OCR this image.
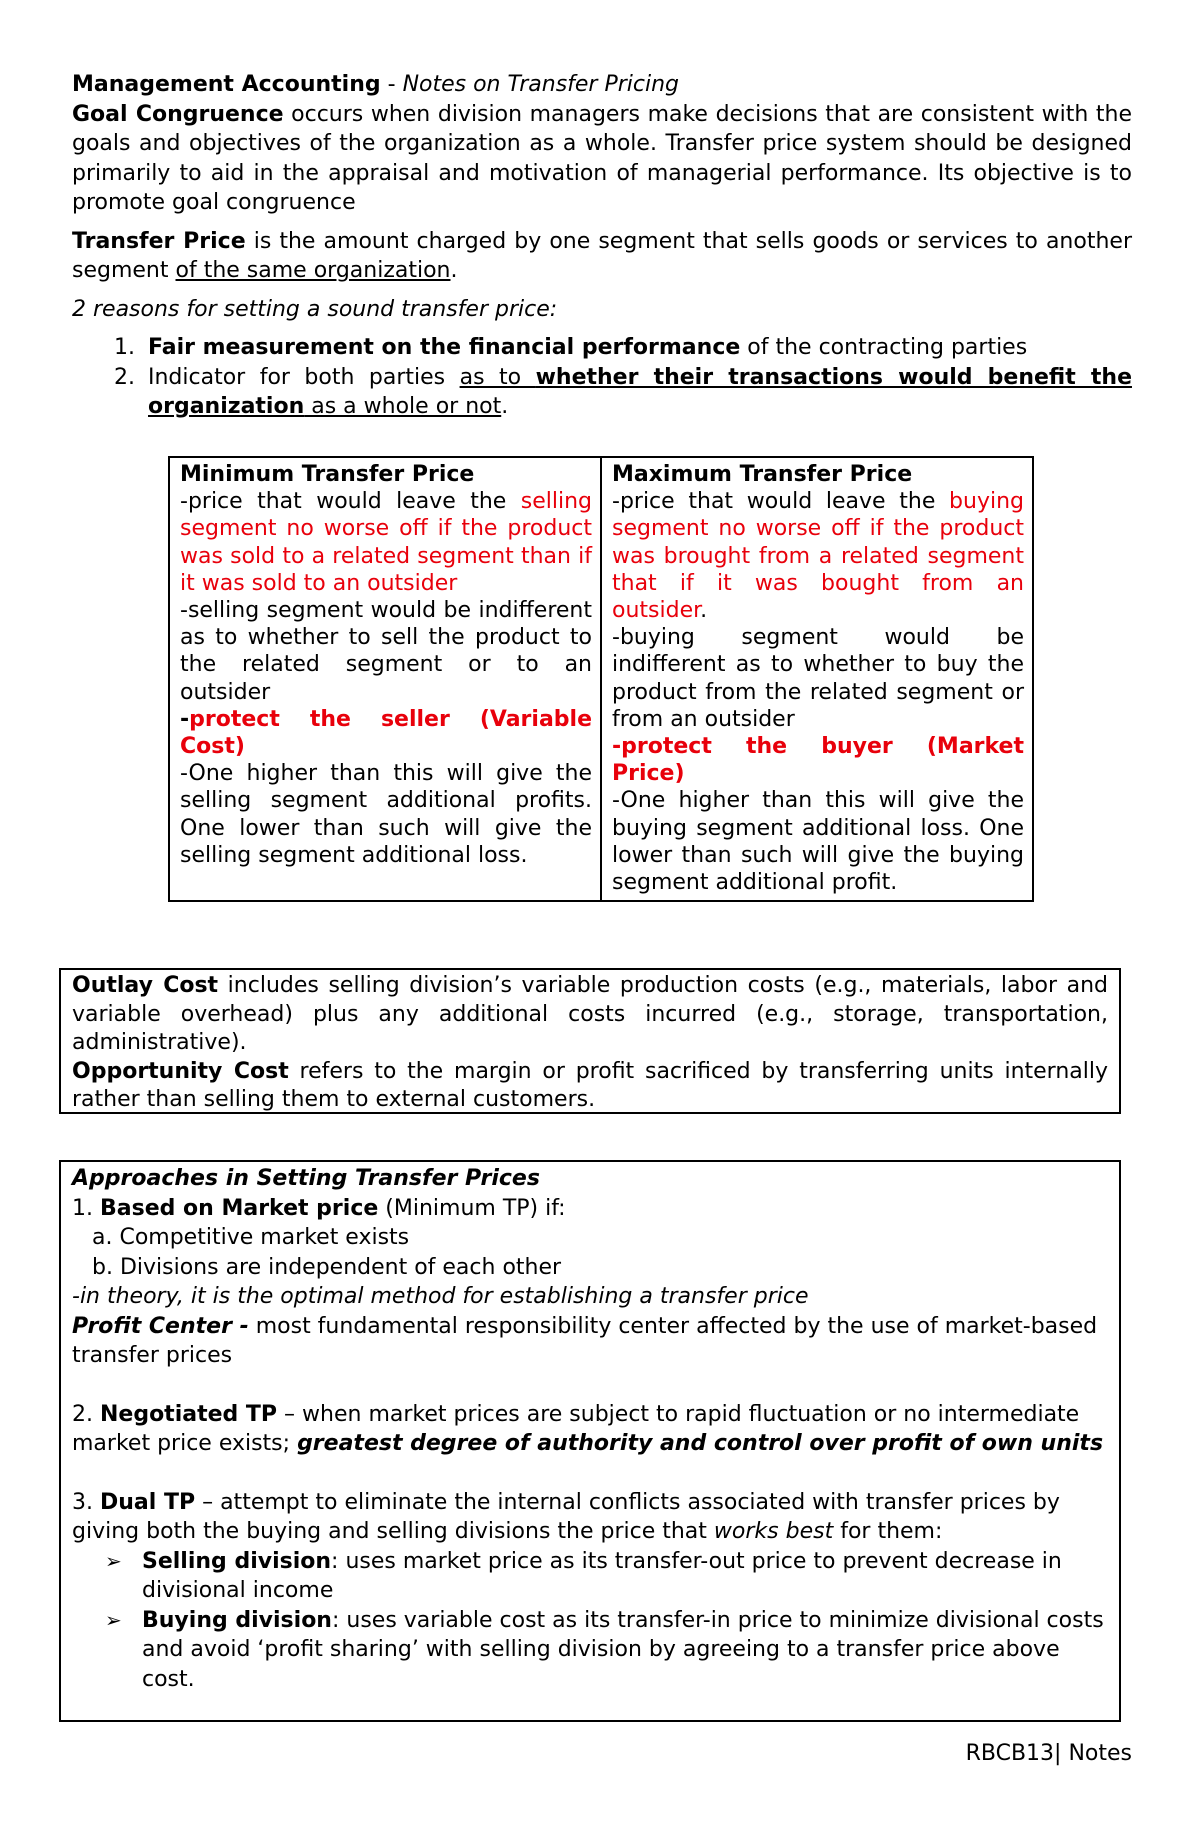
Management Accounting - Notes on Transfer Pricing

Goal Congruence occurs when division managers make decisions that are consistent with the goals and objectives of the organization as a whole. Transfer price system should be designed primarily to aid in the appraisal and motivation of managerial performance. Its objective is to promote goal congruence

Transfer Price is the amount charged by one segment that sells goods or services to another segment of the same organization.

2 reasons for setting a sound transfer price:

1. Fair measurement on the financial performance of the contracting parties
2. Indicator for both parties as to whether their transactions would benefit the organization as a whole or not.

Minimum Transfer Price

-price that would leave the selling segment no worse off if the product was sold to a related segment than if it was sold to an outsider

-selling segment would be indifferent as to whether to sell the product to the related segment or to an outsider

-protect the seller (Variable Cost)

-One higher than this will give the selling segment additional profits. One lower than such will give the selling segment additional loss.

Maximum Transfer Price

-price that would leave the buying segment no worse off if the product was brought from a related segment that if it was bought from an outsider.

-buying segment would be indifferent as to whether to buy the product from the related segment or from an outsider

-protect the buyer (Market Price)

-One higher than this will give the buying segment additional loss. One lower than such will give the buying segment additional profit.

Outlay Cost includes selling division’s variable production costs (e.g., materials, labor and variable overhead) plus any additional costs incurred (e.g., storage, transportation, administrative).

Opportunity Cost refers to the margin or profit sacrificed by transferring units internally rather than selling them to external customers.

Approaches in Setting Transfer Prices

1. Based on Market price (Minimum TP) if:

a. Competitive market exists

b. Divisions are independent of each other

-in theory, it is the optimal method for establishing a transfer price

Profit Center - most fundamental responsibility center affected by the use of market-based transfer prices

2. Negotiated TP – when market prices are subject to rapid fluctuation or no intermediate market price exists; greatest degree of authority and control over profit of own units

3. Dual TP – attempt to eliminate the internal conflicts associated with transfer prices by giving both the buying and selling divisions the price that works best for them:

➢ Selling division: uses market price as its transfer-out price to prevent decrease in divisional income
➢ Buying division: uses variable cost as its transfer-in price to minimize divisional costs and avoid ‘profit sharing’ with selling division by agreeing to a transfer price above cost.
RBCB13| Notes
